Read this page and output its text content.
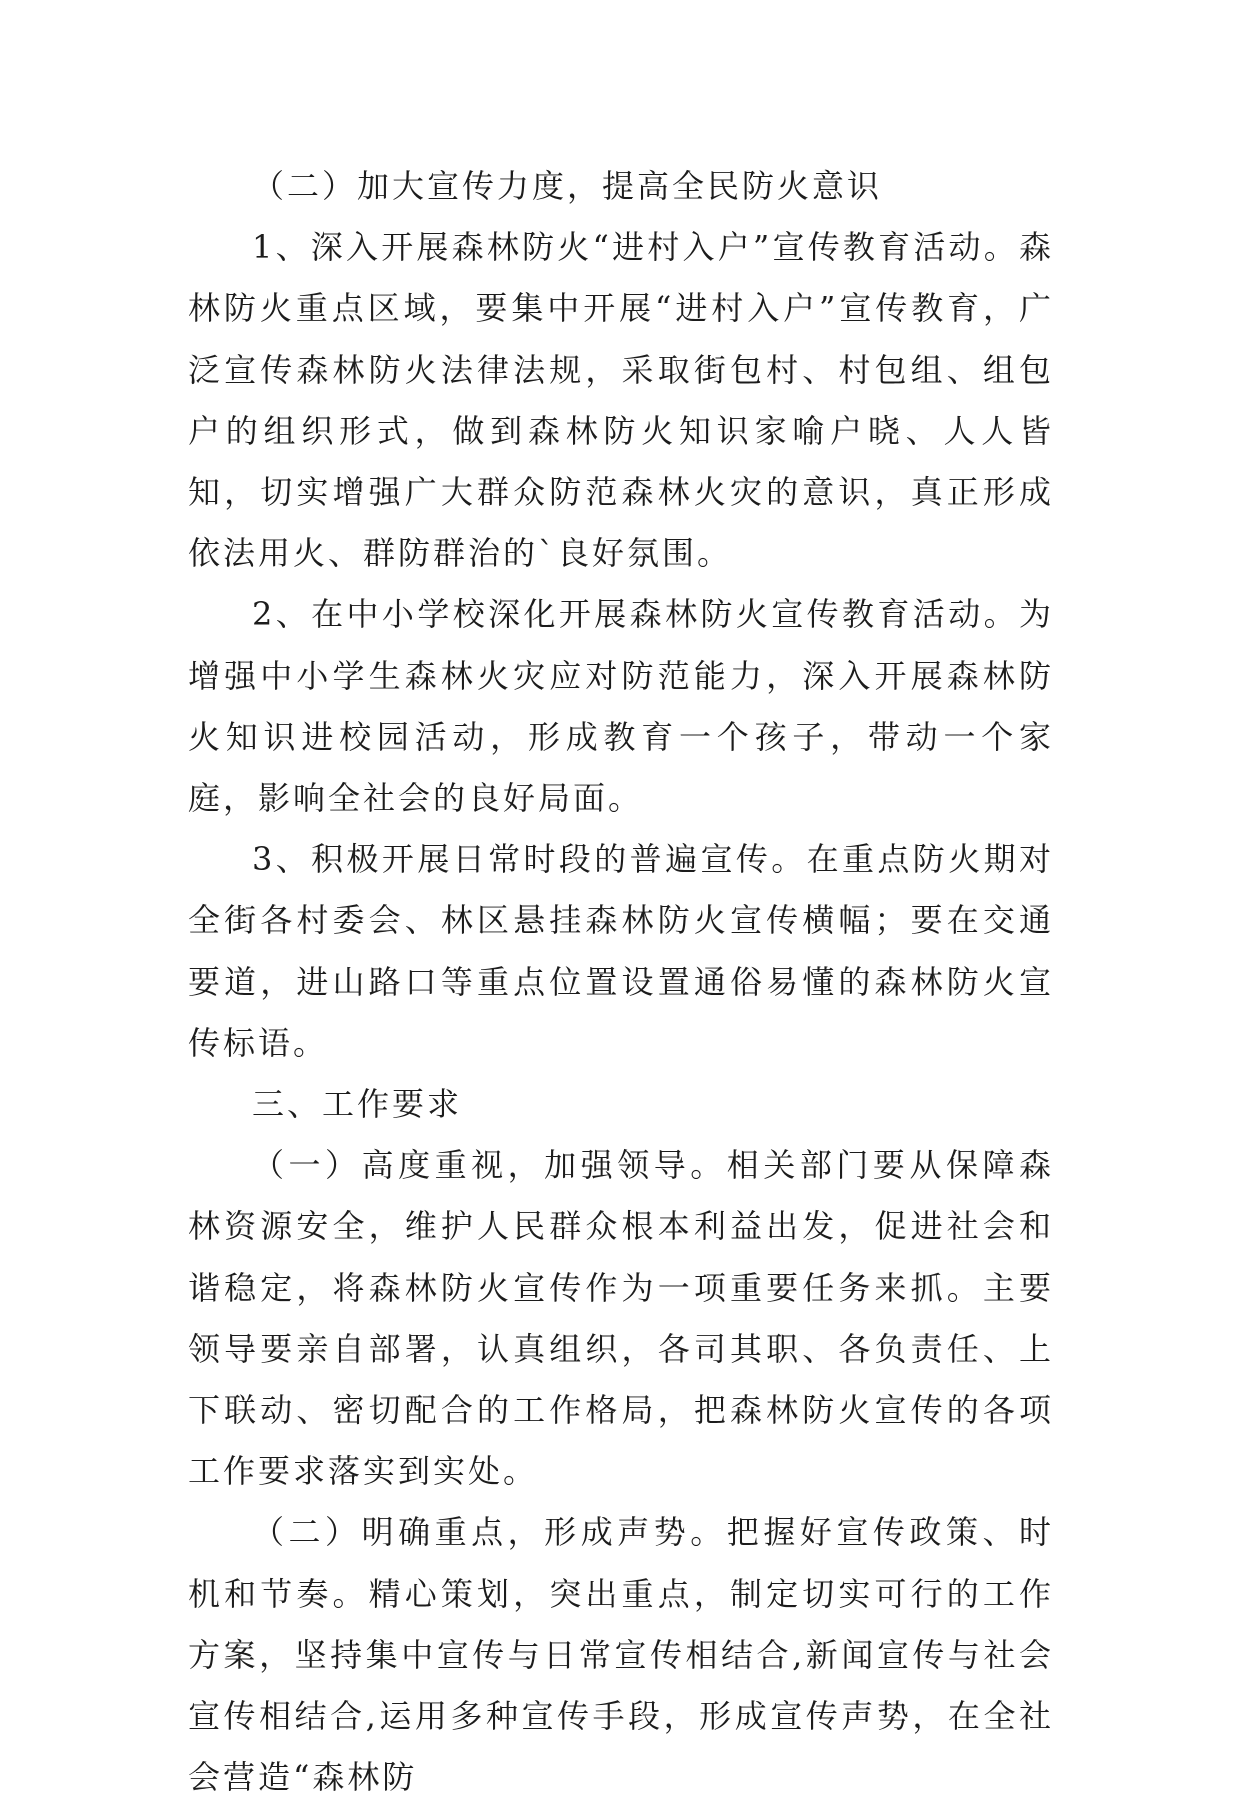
（二）加大宣传力度，提高全民防火意识

1、深入开展森林防火“进村入户”宣传教育活动。森林防火重点区域，要集中开展“进村入户”宣传教育，广泛宣传森林防火法律法规，采取街包村、村包组、组包户的组织形式，做到森林防火知识家喻户晓、人人皆知，切实增强广大群众防范森林火灾的意识，真正形成依法用火、群防群治的`良好氛围。

2、在中小学校深化开展森林防火宣传教育活动。为增强中小学生森林火灾应对防范能力，深入开展森林防火知识进校园活动，形成教育一个孩子，带动一个家庭，影响全社会的良好局面。

3、积极开展日常时段的普遍宣传。在重点防火期对全街各村委会、林区悬挂森林防火宣传横幅；要在交通要道，进山路口等重点位置设置通俗易懂的森林防火宣传标语。

三、工作要求

（一）高度重视，加强领导。相关部门要从保障森林资源安全，维护人民群众根本利益出发，促进社会和谐稳定，将森林防火宣传作为一项重要任务来抓。主要领导要亲自部署，认真组织，各司其职、各负责任、上下联动、密切配合的工作格局，把森林防火宣传的各项工作要求落实到实处。

（二）明确重点，形成声势。把握好宣传政策、时机和节奏。精心策划，突出重点，制定切实可行的工作方案，坚持集中宣传与日常宣传相结合,新闻宣传与社会宣传相结合,运用多种宣传手段，形成宣传声势，在全社会营造“森林防
